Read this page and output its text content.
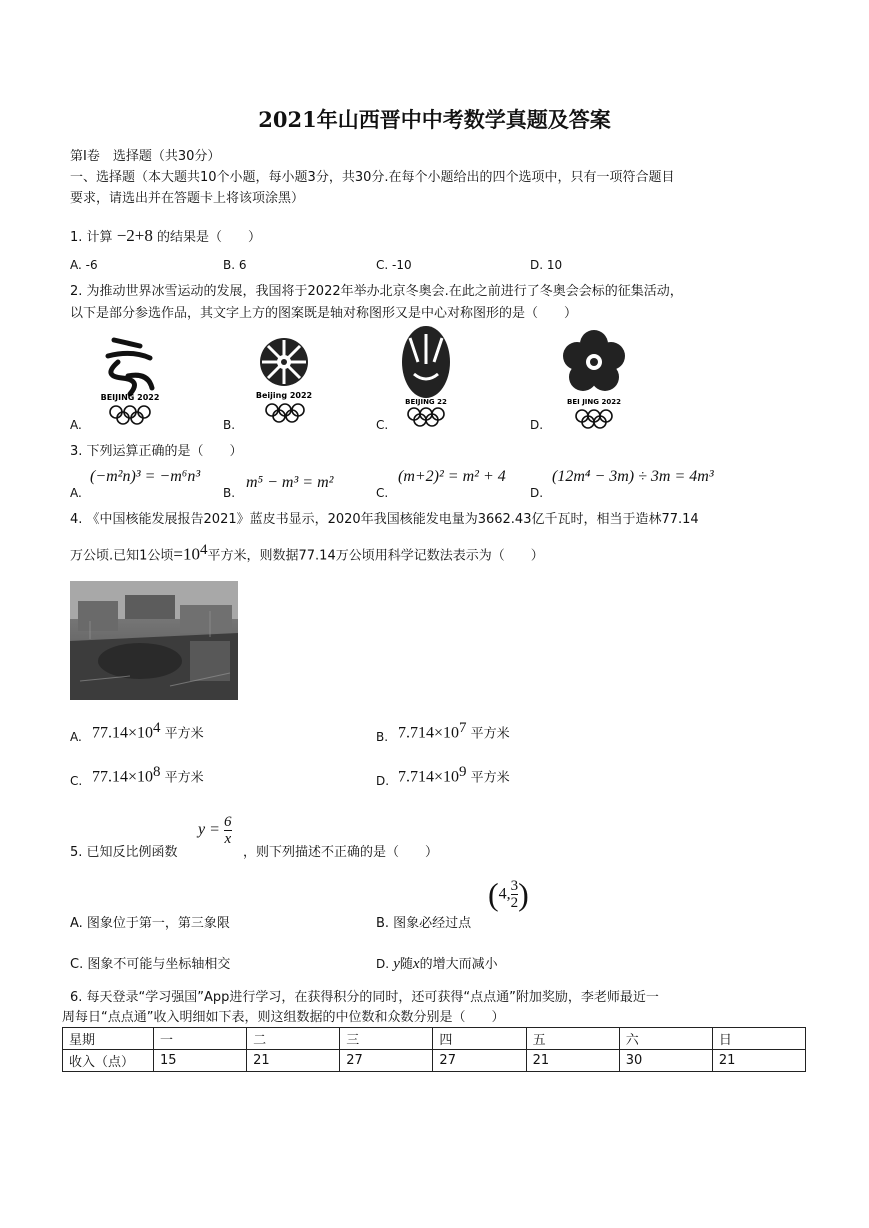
2021年山西晋中中考数学真题及答案
第Ⅰ卷　选择题（共30分）
一、选择题（本大题共10个小题，每小题3分，共30分.在每个小题给出的四个选项中，只有一项符合题目
要求，请选出并在答题卡上将该项涂黑）
1. 计算 −2+8 的结果是（　　）
A. -6	B. 6	C. -10	D. 10
2. 为推动世界冰雪运动的发展，我国将于2022年举办北京冬奥会.在此之前进行了冬奥会会标的征集活动，
以下是部分参选作品，其文字上方的图案既是轴对称图形又是中心对称图形的是（　　）
A.	B.	C.	D.
BEIJING 2022	Beijing 2022
BEIJING 22	BEI JING 2022
3. 下列运算正确的是（　　）
A.
(−m²n)³ = −m⁶n³
B.
m⁵ − m³ = m²
C.
(m+2)² = m² + 4
D.
(12m⁴ − 3m) ÷ 3m = 4m³
4. 《中国核能发展报告2021》蓝皮书显示，2020年我国核能发电量为3662.43亿千瓦时，相当于造林77.14
万公顷.已知1公顷$=10^4$平方米，则数据77.14万公顷用科学记数法表示为（　　）
A. $77.14\times 10^4$ 平方米	B. $7.714\times 10^7$ 平方米
C. $77.14\times 10^8$ 平方米	D. $7.714\times 10^9$ 平方米
5. 已知反比例函数
$y = \frac{6}{x}$
，则下列描述不正确的是（　　）
A. 图象位于第一，第三象限	B. 图象必经过点
(4, $\frac{3}{2}$ )
C. 图象不可能与坐标轴相交	D. y随x的增大而减小
6. 每天登录“学习强国”App进行学习，在获得积分的同时，还可获得“点点通”附加奖励，李老师最近一
周每日“点点通”收入明细如下表，则这组数据的中位数和众数分别是（　　）
星期	一	二	三	四	五	六	日
收入（点）	15	21	27	27	21	30	21
